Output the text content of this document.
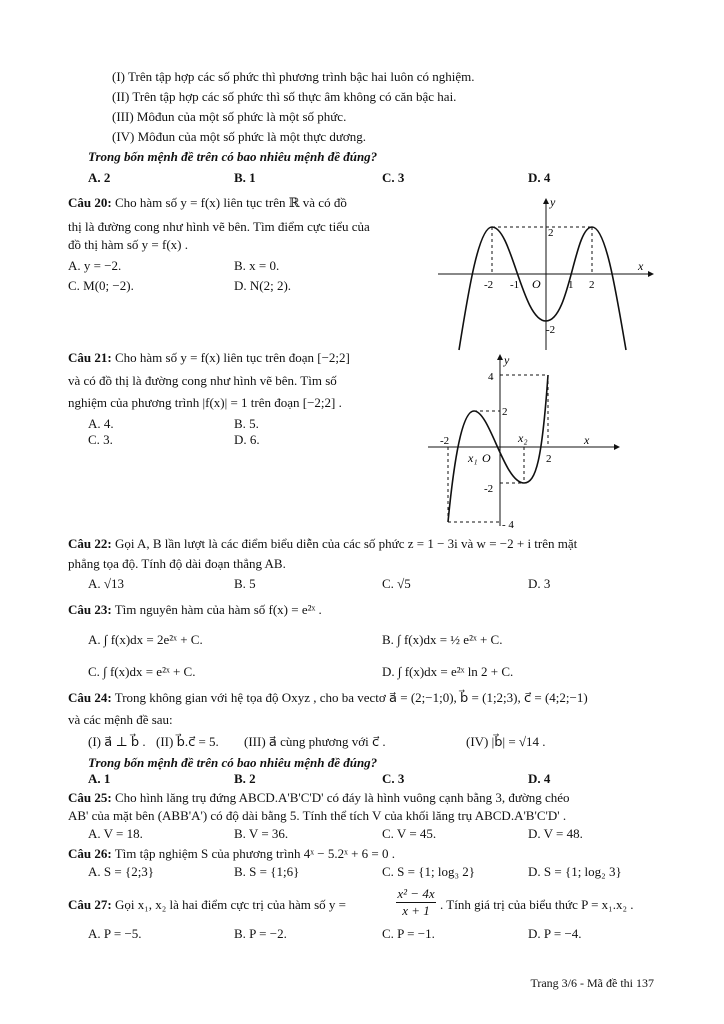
(I) Trên tập hợp các số phức thì phương trình bậc hai luôn có nghiệm.
(II) Trên tập hợp các số phức thì số thực âm không có căn bậc hai.
(III) Môđun của một số phức là một số phức.
(IV) Môđun của một số phức là một thực dương.
Trong bốn mệnh đề trên có bao nhiêu mệnh đề đúng?
A. 2	B. 1	C. 3	D. 4
Câu 20: Cho hàm số y = f(x) liên tục trên ℝ và có đồ
thị là đường cong như hình vẽ bên. Tìm điểm cực tiểu của
đồ thị hàm số y = f(x) .
A. y = −2.	B. x = 0.
C. M(0; −2).	D. N(2; 2).
y
x
O
-2 -1	1 2
2
-2
Câu 21: Cho hàm số y = f(x) liên tục trên đoạn [−2;2]
và có đồ thị là đường cong như hình vẽ bên. Tìm số
nghiệm của phương trình |f(x)| = 1 trên đoạn [−2;2] .
A. 4.	B. 5.
C. 3.	D. 6.
y
x
O
x₁
x₂
-2
2
4
2
-2
- 4
Câu 22: Gọi A, B lần lượt là các điểm biểu diễn của các số phức z = 1 − 3i và w = −2 + i trên mặt
phẳng tọa độ. Tính độ dài đoạn thẳng AB.
A. √13	B. 5	C. √5	D. 3
Câu 23: Tìm nguyên hàm của hàm số f(x) = e²ˣ .
A. ∫ f(x)dx = 2e²ˣ + C.	B. ∫ f(x)dx = ½ e²ˣ + C.
C. ∫ f(x)dx = e²ˣ + C.	D. ∫ f(x)dx = e²ˣ ln 2 + C.
Câu 24: Trong không gian với hệ tọa độ Oxyz , cho ba vectơ a⃗ = (2;−1;0), b⃗ = (1;2;3), c⃗ = (4;2;−1)
và các mệnh đề sau:
(I) a⃗ ⊥ b⃗ . (II) b⃗.c⃗ = 5. (III) a⃗ cùng phương với c⃗ .	(IV) |b⃗| = √14 .
Trong bốn mệnh đề trên có bao nhiêu mệnh đề đúng?
A. 1	B. 2	C. 3	D. 4
Câu 25: Cho hình lăng trụ đứng ABCD.A'B'C'D' có đáy là hình vuông cạnh bằng 3, đường chéo
AB' của mặt bên (ABB'A') có độ dài bằng 5. Tính thể tích V của khối lăng trụ ABCD.A'B'C'D' .
A. V = 18.	B. V = 36.	C. V = 45.	D. V = 48.
Câu 26: Tìm tập nghiệm S của phương trình 4ˣ − 5.2ˣ + 6 = 0 .
A. S = {2;3}	B. S = {1;6}	C. S = {1; log₃ 2}	D. S = {1; log₂ 3}
Câu 27: Gọi x₁, x₂ là hai điểm cực trị của hàm số y =	$\frac{\text{x² − 4x}}{x + 1}$ . Tính giá trị của biểu thức P = x₁.x₂ .
A. P = −5.	B. P = −2.	C. P = −1.	D. P = −4.
Trang 3/6 - Mã đề thi 137
